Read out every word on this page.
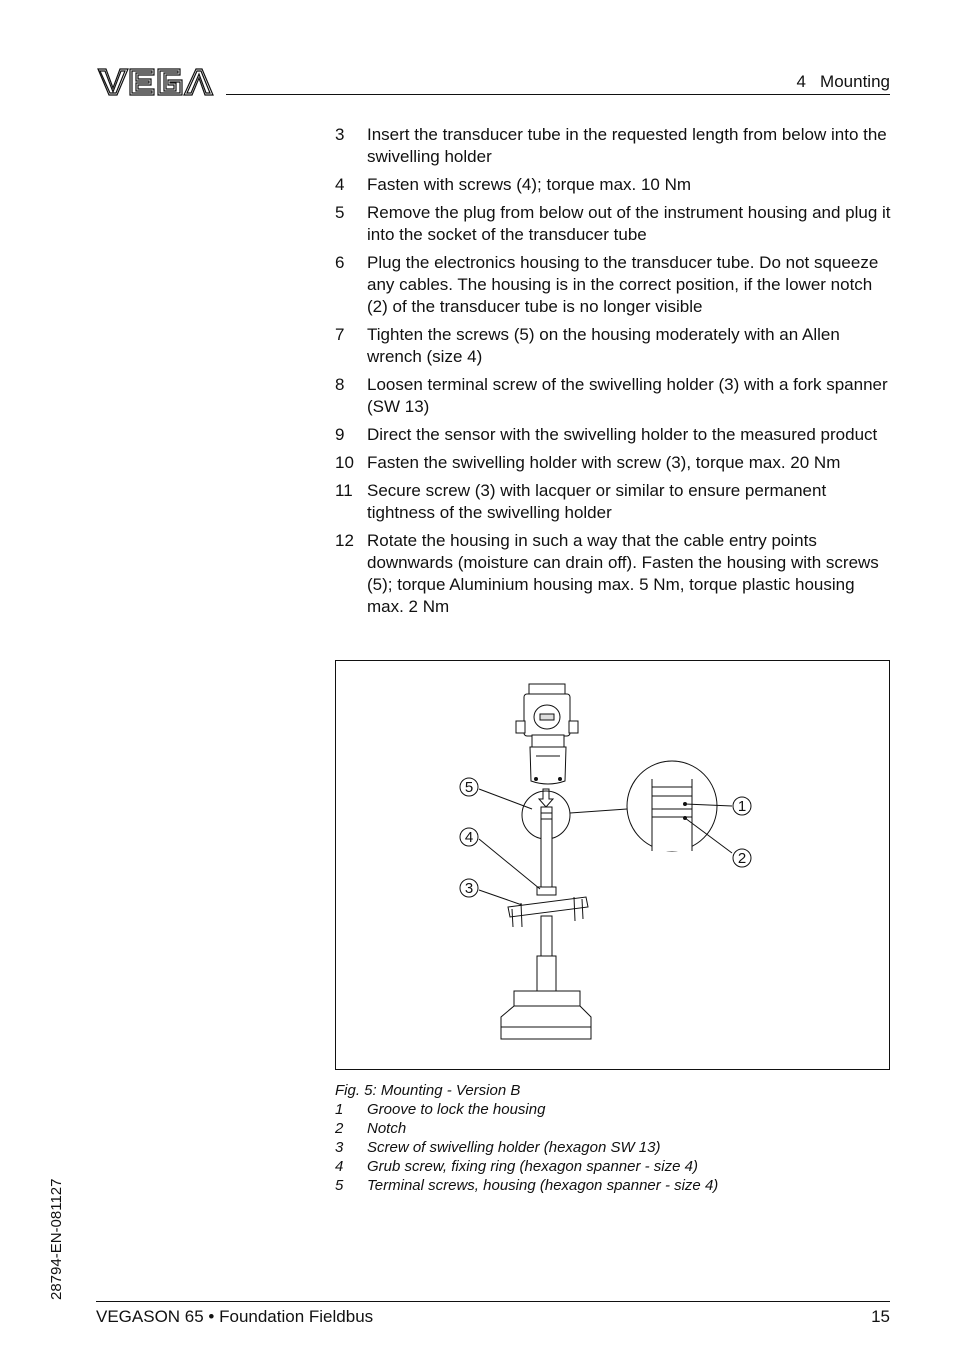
4   Mounting
3	Insert the transducer tube in the requested length from below into the swivelling holder
4	Fasten with screws (4); torque max. 10 Nm
5	Remove the plug from below out of the instrument housing and plug it into the socket of the transducer tube
6	Plug the electronics housing to the transducer tube. Do not squeeze any cables. The housing is in the correct position, if the lower notch (2) of the transducer tube is no longer visible
7	Tighten the screws (5) on the housing moderately with an Allen wrench (size 4)
8	Loosen terminal screw of the swivelling holder (3) with a fork spanner (SW 13)
9	Direct the sensor with the swivelling holder to the measured product
10 Fasten the swivelling holder with screw (3), torque max. 20 Nm
11 Secure screw (3) with lacquer or similar to ensure permanent tightness of the swivelling holder
12 Rotate the housing in such a way that the cable entry points downwards (moisture can drain off). Fasten the housing with screws (5); torque Aluminium housing max. 5 Nm, torque plastic housing max. 2 Nm
5
4
3
1
2
Fig. 5: Mounting - Version B
1	Groove to lock the housing
2	Notch
3	Screw of swivelling holder (hexagon SW 13)
4	Grub screw, fixing ring (hexagon spanner - size 4)
5	Terminal screws, housing (hexagon spanner - size 4)
28794-EN-081127
VEGASON 65 • Foundation Fieldbus	15
